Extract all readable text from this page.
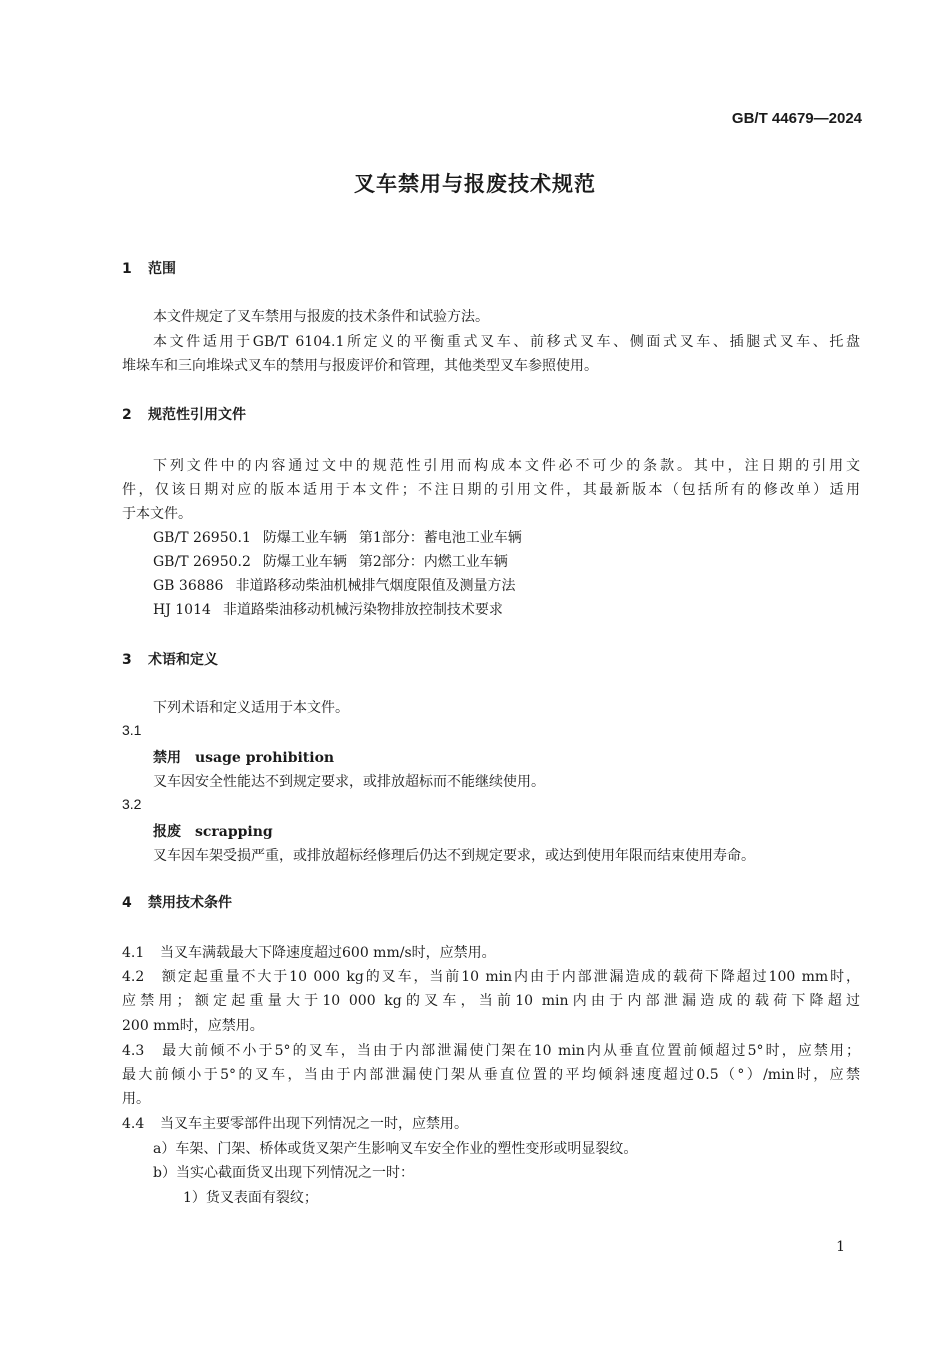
GB/T 44679—2024
叉车禁用与报废技术规范
1 范围
本文件规定了叉车禁用与报废的技术条件和试验方法。
本文件适用于GB/T 6104.1所定义的平衡重式叉车、前移式叉车、侧面式叉车、插腿式叉车、托盘
堆垛车和三向堆垛式叉车的禁用与报废评价和管理，其他类型叉车参照使用。
2 规范性引用文件
下列文件中的内容通过文中的规范性引用而构成本文件必不可少的条款。其中，注日期的引用文
件，仅该日期对应的版本适用于本文件；不注日期的引用文件，其最新版本（包括所有的修改单）适用
于本文件。
GB/T 26950.1 防爆工业车辆 第1部分：蓄电池工业车辆
GB/T 26950.2 防爆工业车辆 第2部分：内燃工业车辆
GB 36886 非道路移动柴油机械排气烟度限值及测量方法
HJ 1014 非道路柴油移动机械污染物排放控制技术要求
3 术语和定义
下列术语和定义适用于本文件。
3.1
禁用 usage prohibition
叉车因安全性能达不到规定要求，或排放超标而不能继续使用。
3.2
报废 scrapping
叉车因车架受损严重，或排放超标经修理后仍达不到规定要求，或达到使用年限而结束使用寿命。
4 禁用技术条件
4.1 当叉车满载最大下降速度超过600 mm/s时，应禁用。
4.2 额定起重量不大于10 000 kg的叉车，当前10 min内由于内部泄漏造成的载荷下降超过100 mm时，
应禁用；额定起重量大于10 000 kg的叉车，当前10 min内由于内部泄漏造成的载荷下降超过
200 mm时，应禁用。
4.3 最大前倾不小于5°的叉车，当由于内部泄漏使门架在10 min内从垂直位置前倾超过5°时，应禁用；
最大前倾小于5°的叉车，当由于内部泄漏使门架从垂直位置的平均倾斜速度超过0.5（°）/min时，应禁
用。
4.4 当叉车主要零部件出现下列情况之一时，应禁用。
a）车架、门架、桥体或货叉架产生影响叉车安全作业的塑性变形或明显裂纹。
b）当实心截面货叉出现下列情况之一时：
1）货叉表面有裂纹；
1
